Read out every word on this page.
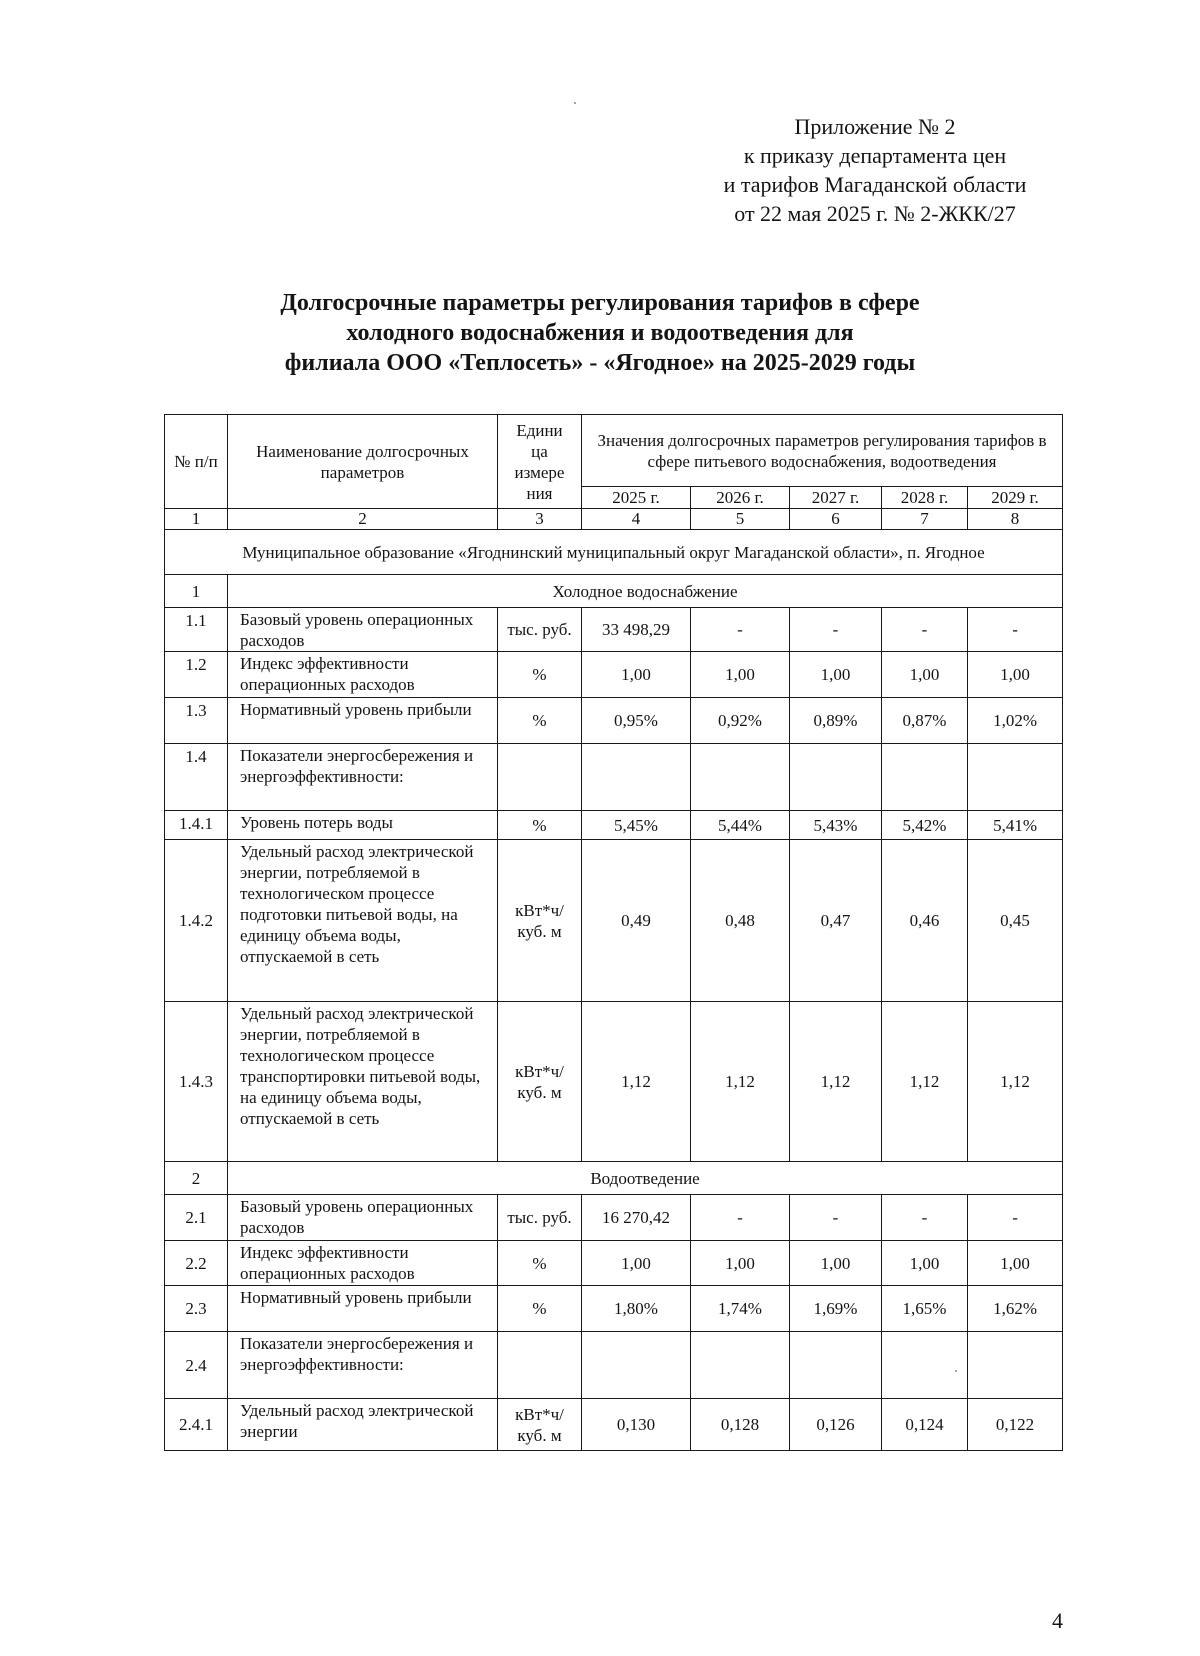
Приложение № 2
к приказу департамента цен
и тарифов Магаданской области
от 22 мая 2025 г. № 2-ЖКК/27
Долгосрочные параметры регулирования тарифов в сфере
холодного водоснабжения и водоотведения для
филиала ООО «Теплосеть» - «Ягодное» на 2025-2029 годы
№ п/п	Наименование долгосрочных параметров	Едини ца измере ния	Значения долгосрочных параметров регулирования тарифов в сфере питьевого водоснабжения, водоотведения				
			2025 г.	2026 г.	2027 г.	2028 г.	2029 г.
1	2	3	4	5	6	7	8
Муниципальное образование «Ягоднинский муниципальный округ Магаданской области», п. Ягодное							
1	Холодное водоснабжение						
1.1	Базовый уровень операционных расходов	тыс. руб.	33 498,29	-	-	-	-
1.2	Индекс эффективности операционных расходов	%	1,00	1,00	1,00	1,00	1,00
1.3	Нормативный уровень прибыли	%	0,95%	0,92%	0,89%	0,87%	1,02%
1.4	Показатели энергосбережения и энергоэффективности:						
1.4.1	Уровень потерь воды	%	5,45%	5,44%	5,43%	5,42%	5,41%
1.4.2	Удельный расход электрической энергии, потребляемой в технологическом процессе подготовки питьевой воды, на единицу объема воды, отпускаемой в сеть	кВт*ч/ куб. м	0,49	0,48	0,47	0,46	0,45
1.4.3	Удельный расход электрической энергии, потребляемой в технологическом процессе транспортировки питьевой воды, на единицу объема воды, отпускаемой в сеть	кВт*ч/ куб. м	1,12	1,12	1,12	1,12	1,12
2	Водоотведение						
2.1	Базовый уровень операционных расходов	тыс. руб.	16 270,42	-	-	-	-
2.2	Индекс эффективности операционных расходов	%	1,00	1,00	1,00	1,00	1,00
2.3	Нормативный уровень прибыли	%	1,80%	1,74%	1,69%	1,65%	1,62%
2.4	Показатели энергосбережения и энергоэффективности:						
2.4.1	Удельный расход электрической энергии	кВт*ч/ куб. м	0,130	0,128	0,126	0,124	0,122
4
